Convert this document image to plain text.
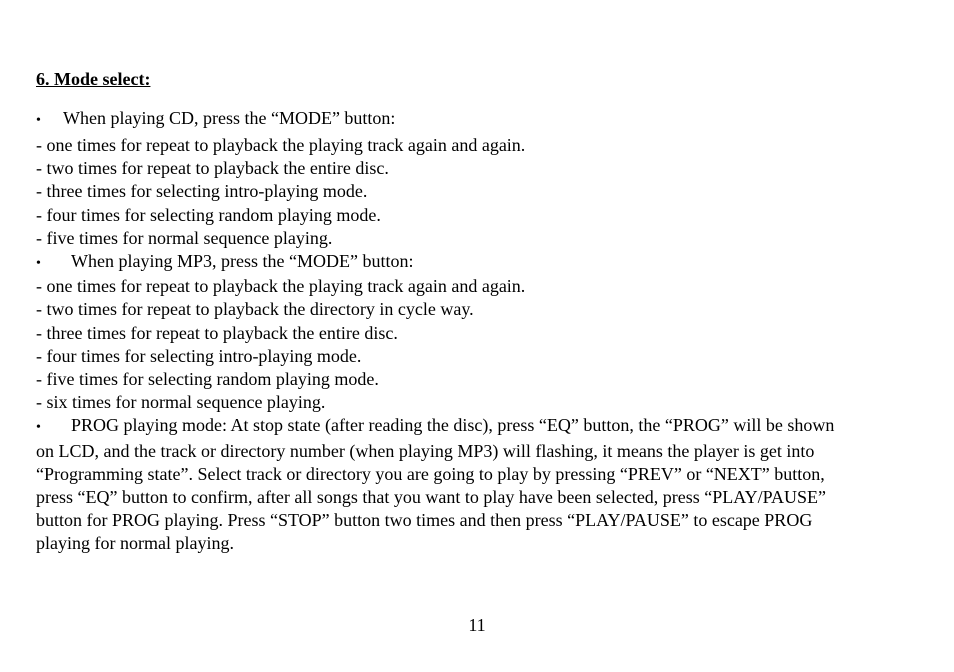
6. Mode select:
• When playing CD, press the “MODE” button:
- one times for repeat to playback the playing track again and again.
- two times for repeat to playback the entire disc.
- three times for selecting intro-playing mode.
- four times for selecting random playing mode.
- five times for normal sequence playing.
• When playing MP3, press the “MODE” button:
- one times for repeat to playback the playing track again and again.
- two times for repeat to playback the directory in cycle way.
- three times for repeat to playback the entire disc.
- four times for selecting intro-playing mode.
- five times for selecting random playing mode.
- six times for normal sequence playing.
• PROG playing mode: At stop state (after reading the disc), press “EQ” button, the “PROG” will be shown
on LCD, and the track or directory number (when playing MP3) will flashing, it means the player is get into
“Programming state”. Select track or directory you are going to play by pressing “PREV” or “NEXT” button,
press “EQ” button to confirm, after all songs that you want to play have been selected, press “PLAY/PAUSE”
button for PROG playing. Press “STOP” button two times and then press “PLAY/PAUSE” to escape PROG
playing for normal playing.
11
